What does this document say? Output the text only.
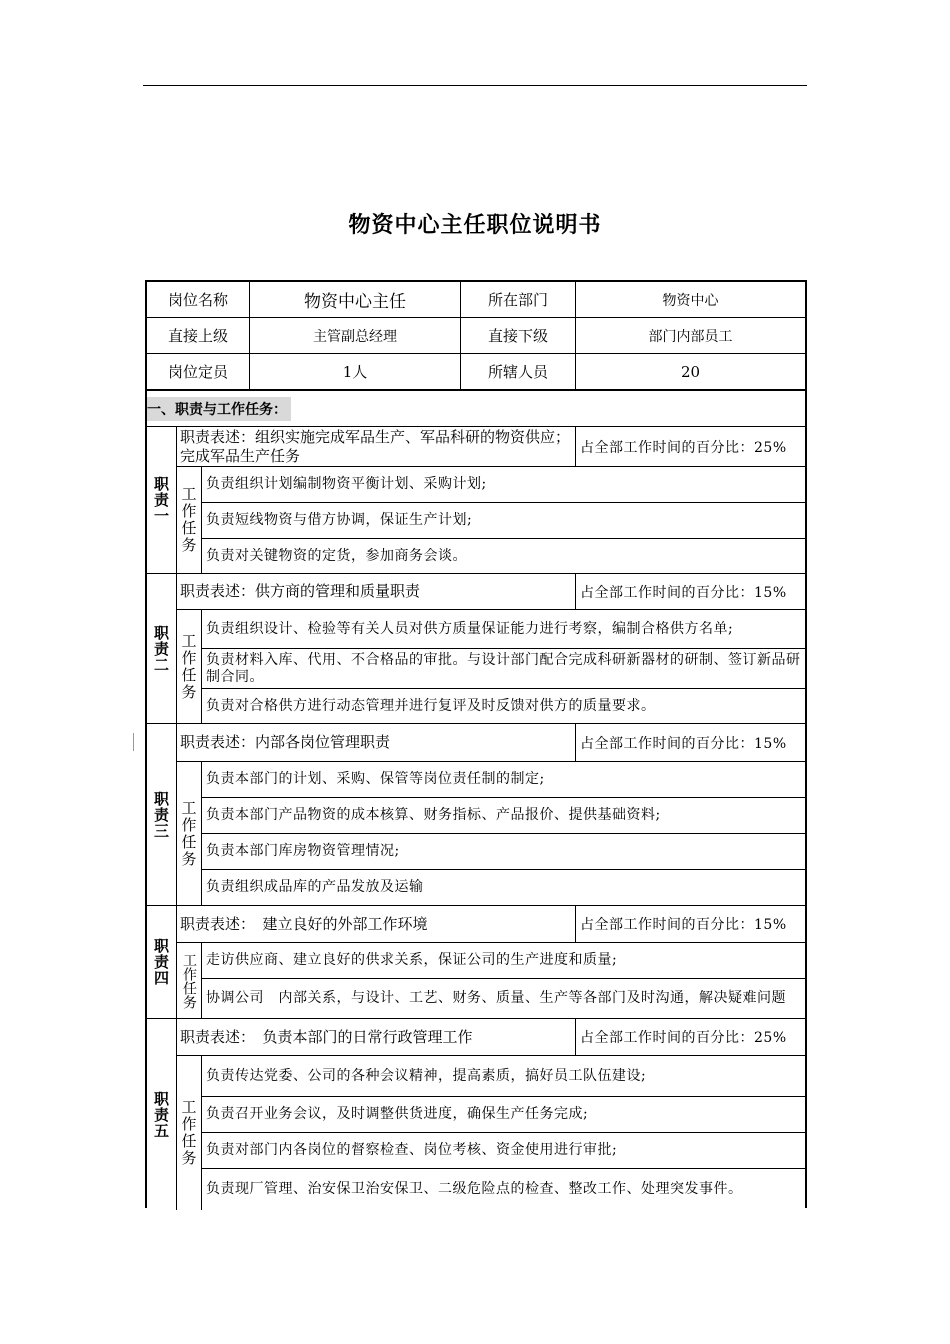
物资中心主任职位说明书
岗位名称	物资中心主任	所在部门	物资中心
直接上级	主管副总经理	直接下级	部门内部员工
岗位定员	1人	所辖人员	20
一、职责与工作任务：
职责一
职责表述：组织实施完成军品生产、军品科研的物资供应；完成军品生产任务	占全部工作时间的百分比：25%
工作任务
负责组织计划编制物资平衡计划、采购计划;
负责短线物资与借方协调，保证生产计划;
负责对关键物资的定货，参加商务会谈。
职责二
职责表述：供方商的管理和质量职责	占全部工作时间的百分比：15%
工作任务
负责组织设计、检验等有关人员对供方质量保证能力进行考察，编制合格供方名单;
负责材料入库、代用、不合格品的审批。与设计部门配合完成科研新器材的研制、签订新品研制合同。
负责对合格供方进行动态管理并进行复评及时反馈对供方的质量要求。
职责三
职责表述：内部各岗位管理职责	占全部工作时间的百分比：15%
工作任务
负责本部门的计划、采购、保管等岗位责任制的制定;
负责本部门产品物资的成本核算、财务指标、产品报价、提供基础资料;
负责本部门库房物资管理情况;
负责组织成品库的产品发放及运输
职责四
职责表述：　建立良好的外部工作环境	占全部工作时间的百分比：15%
工作任务 走访供应商、建立良好的供求关系，保证公司的生产进度和质量;
协调公司　内部关系，与设计、工艺、财务、质量、生产等各部门及时沟通，解决疑难问题
职责五
职责表述：　负责本部门的日常行政管理工作	占全部工作时间的百分比：25%
工作任务
负责传达党委、公司的各种会议精神，提高素质，搞好员工队伍建设;
负责召开业务会议，及时调整供货进度，确保生产任务完成;
负责对部门内各岗位的督察检查、岗位考核、资金使用进行审批;
负责现厂管理、治安保卫治安保卫、二级危险点的检查、整改工作、处理突发事件。
